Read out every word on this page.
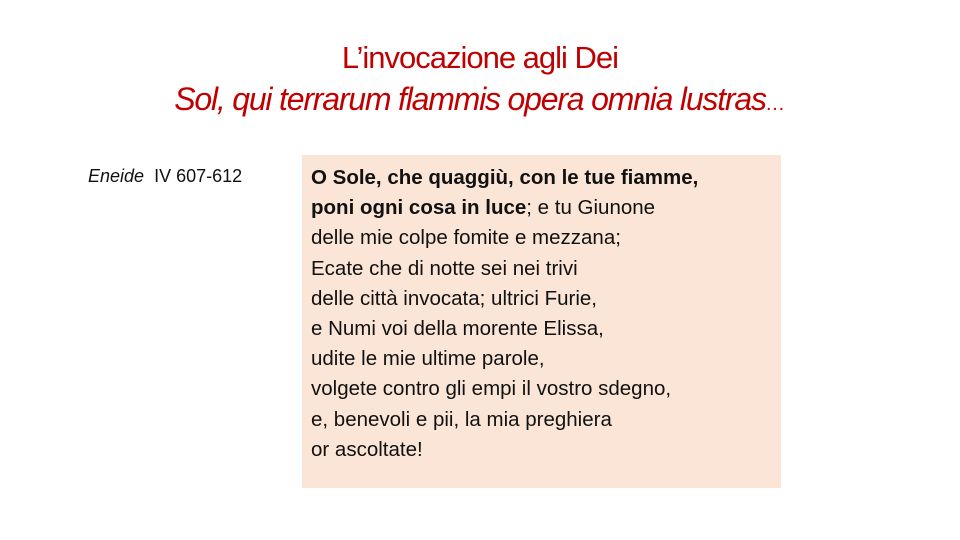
L’invocazione agli Dei
Sol, qui terrarum flammis opera omnia lustras…
Eneide IV 607-612	O Sole, che quaggiù, con le tue fiamme,
poni ogni cosa in luce; e tu Giunone
delle mie colpe fomite e mezzana;
Ecate che di notte sei nei trivi
delle città invocata; ultrici Furie,
e Numi voi della morente Elissa,
udite le mie ultime parole,
volgete contro gli empi il vostro sdegno,
e, benevoli e pii, la mia preghiera
or ascoltate!
